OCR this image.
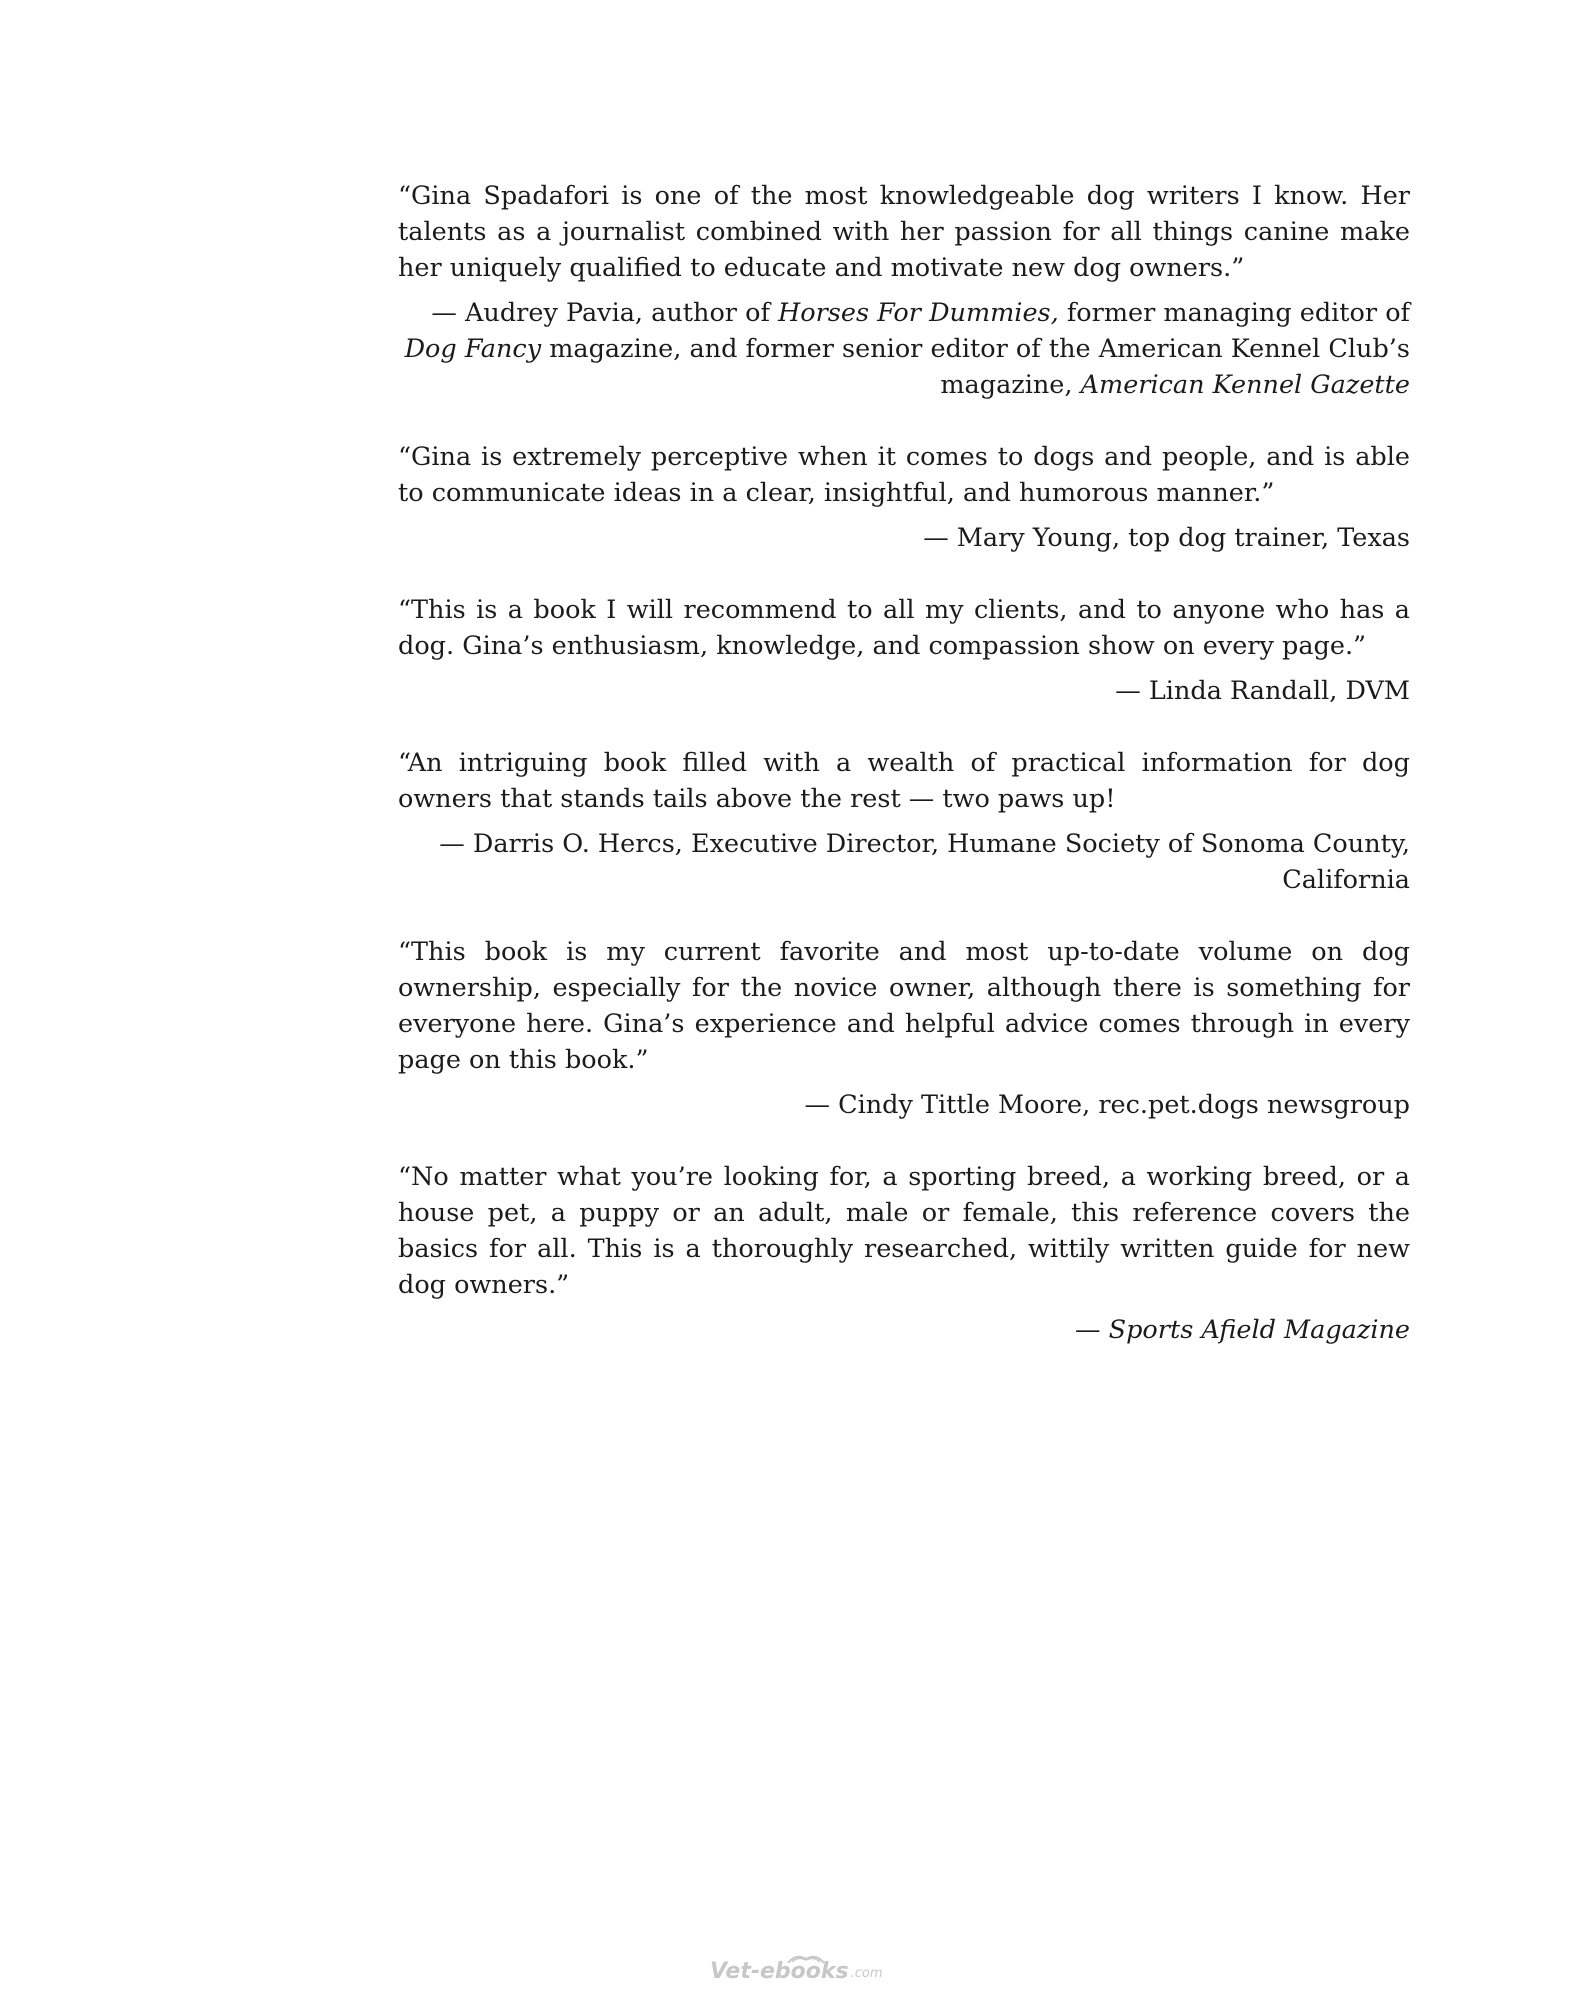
“Gina Spadafori is one of the most knowledgeable dog writers I know. Her talents as a journalist combined with her passion for all things canine make her uniquely qualified to educate and motivate new dog owners.”

— Audrey Pavia, author of Horses For Dummies, former managing editor of Dog Fancy magazine, and former senior editor of the American Kennel Club’s magazine, American Kennel Gazette

“Gina is extremely perceptive when it comes to dogs and people, and is able to communicate ideas in a clear, insightful, and humorous manner.”

— Mary Young, top dog trainer, Texas

“This is a book I will recommend to all my clients, and to anyone who has a dog. Gina’s enthusiasm, knowledge, and compassion show on every page.”

— Linda Randall, DVM

“An intriguing book filled with a wealth of practical information for dog owners that stands tails above the rest — two paws up!

— Darris O. Hercs, Executive Director, Humane Society of Sonoma County, California

“This book is my current favorite and most up-to-date volume on dog ownership, especially for the novice owner, although there is something for everyone here. Gina’s experience and helpful advice comes through in every page on this book.”

— Cindy Tittle Moore, rec.pet.dogs newsgroup

“No matter what you’re looking for, a sporting breed, a working breed, or a house pet, a puppy or an adult, male or female, this reference covers the basics for all. This is a thoroughly researched, wittily written guide for new dog owners.”

— Sports Afield Magazine

Vet-ebooks .com
